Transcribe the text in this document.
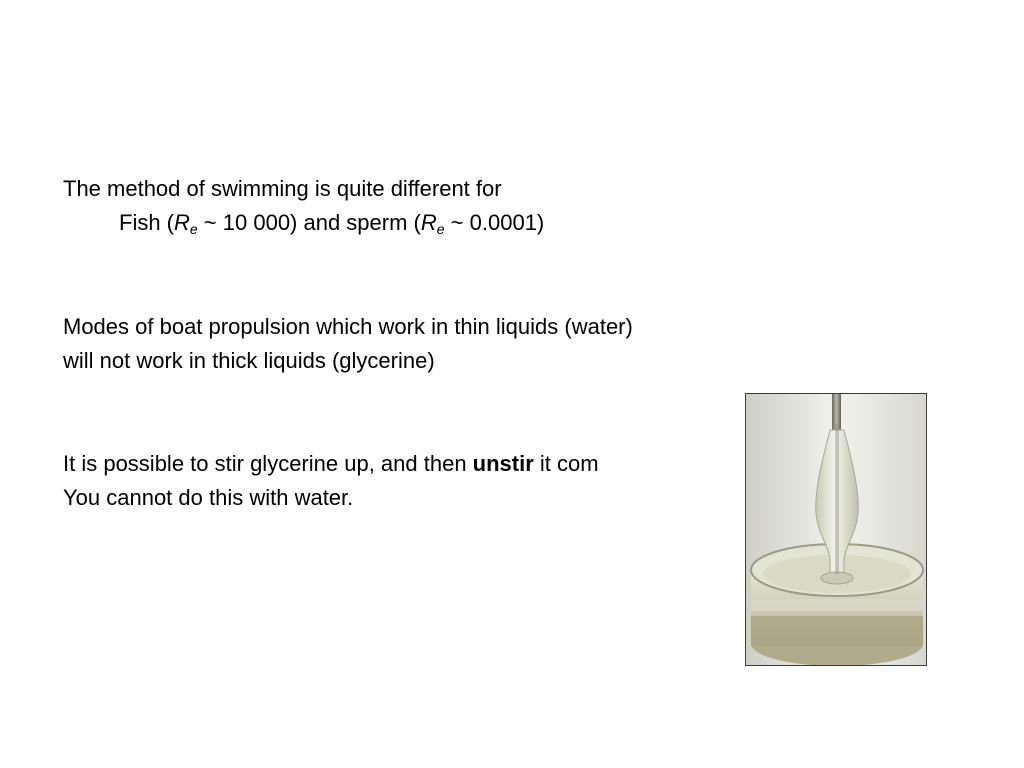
The method of swimming is quite different for
Fish ($R_e$ ~ 10 000) and sperm ($R_e$ ~ 0.0001)

Modes of boat propulsion which work in thin liquids (water)
will not work in thick liquids (glycerine)

It is possible to stir glycerine up, and then unstir it com
You cannot do this with water.
